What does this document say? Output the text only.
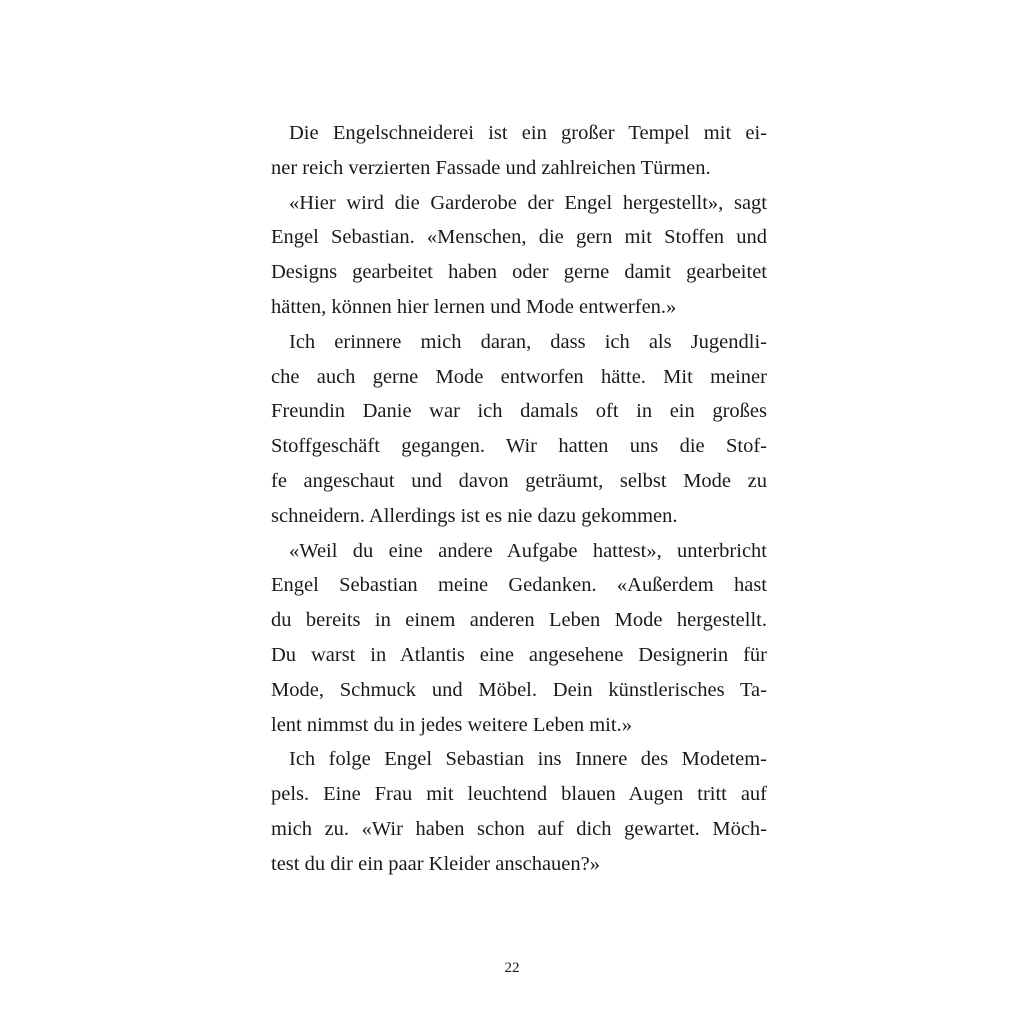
Die Engelschneiderei ist ein großer Tempel mit ei-
ner reich verzierten Fassade und zahlreichen Türmen.
«Hier wird die Garderobe der Engel hergestellt», sagt
Engel Sebastian. «Menschen, die gern mit Stoffen und
Designs gearbeitet haben oder gerne damit gearbeitet
hätten, können hier lernen und Mode entwerfen.»
Ich erinnere mich daran, dass ich als Jugendli-
che auch gerne Mode entworfen hätte. Mit meiner
Freundin Danie war ich damals oft in ein großes
Stoffgeschäft gegangen. Wir hatten uns die Stof-
fe angeschaut und davon geträumt, selbst Mode zu
schneidern. Allerdings ist es nie dazu gekommen.
«Weil du eine andere Aufgabe hattest», unterbricht
Engel Sebastian meine Gedanken. «Außerdem hast
du bereits in einem anderen Leben Mode hergestellt.
Du warst in Atlantis eine angesehene Designerin für
Mode, Schmuck und Möbel. Dein künstlerisches Ta-
lent nimmst du in jedes weitere Leben mit.»
Ich folge Engel Sebastian ins Innere des Modetem-
pels. Eine Frau mit leuchtend blauen Augen tritt auf
mich zu. «Wir haben schon auf dich gewartet. Möch-
test du dir ein paar Kleider anschauen?»
22
